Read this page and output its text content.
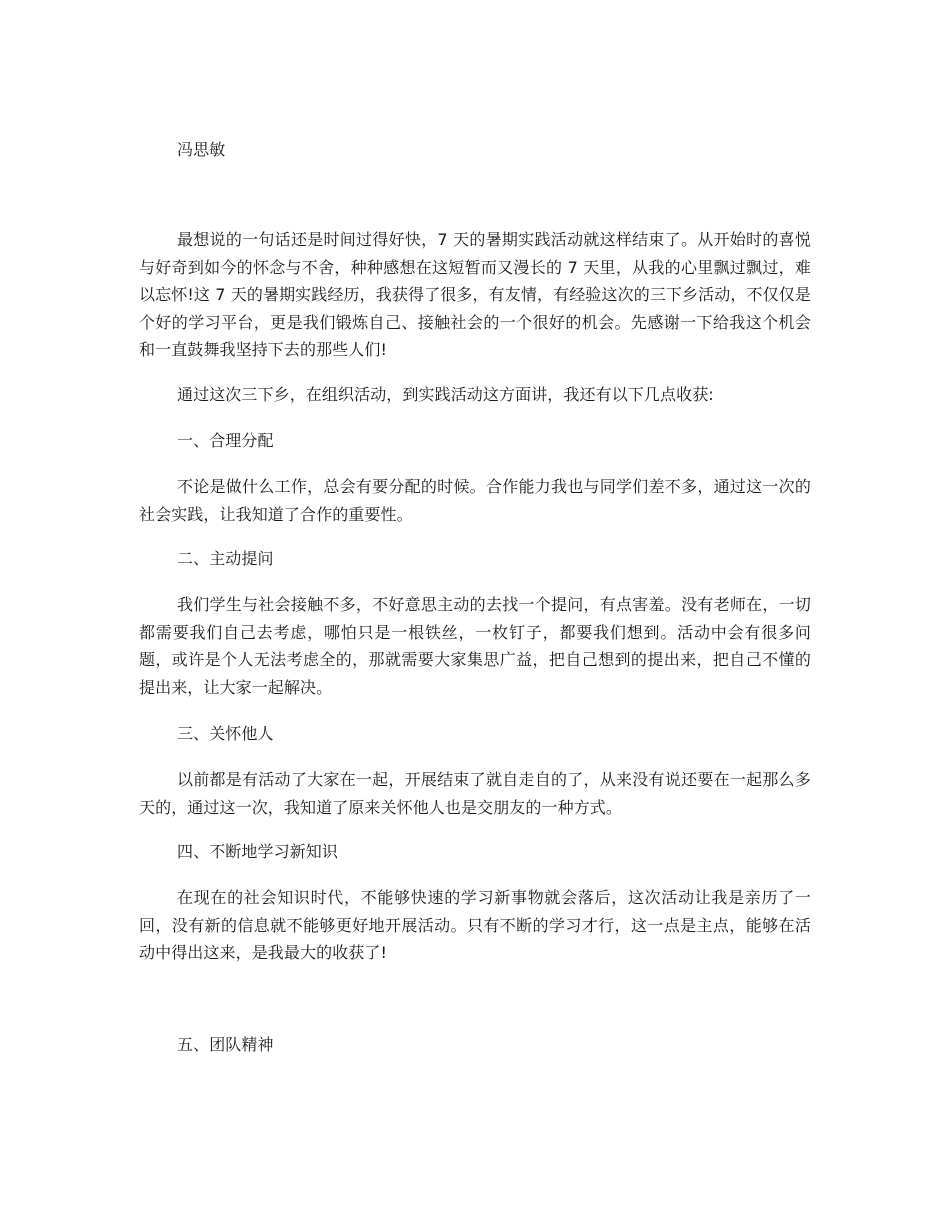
冯思敏

最想说的一句话还是时间过得好快，7 天的暑期实践活动就这样结束了。从开始时的喜悦与好奇到如今的怀念与不舍，种种感想在这短暂而又漫长的 7 天里，从我的心里飘过飘过，难以忘怀!这 7 天的暑期实践经历，我获得了很多，有友情，有经验这次的三下乡活动，不仅仅是个好的学习平台，更是我们锻炼自己、接触社会的一个很好的机会。先感谢一下给我这个机会和一直鼓舞我坚持下去的那些人们!

通过这次三下乡，在组织活动，到实践活动这方面讲，我还有以下几点收获:

一、合理分配

不论是做什么工作，总会有要分配的时候。合作能力我也与同学们差不多，通过这一次的社会实践，让我知道了合作的重要性。

二、主动提问

我们学生与社会接触不多，不好意思主动的去找一个提问，有点害羞。没有老师在，一切都需要我们自己去考虑，哪怕只是一根铁丝，一枚钉子，都要我们想到。活动中会有很多问题，或许是个人无法考虑全的，那就需要大家集思广益，把自己想到的提出来，把自己不懂的提出来，让大家一起解决。

三、关怀他人

以前都是有活动了大家在一起，开展结束了就自走自的了，从来没有说还要在一起那么多天的，通过这一次，我知道了原来关怀他人也是交朋友的一种方式。

四、不断地学习新知识

在现在的社会知识时代，不能够快速的学习新事物就会落后，这次活动让我是亲历了一回，没有新的信息就不能够更好地开展活动。只有不断的学习才行，这一点是主点，能够在活动中得出这来，是我最大的收获了!

五、团队精神
